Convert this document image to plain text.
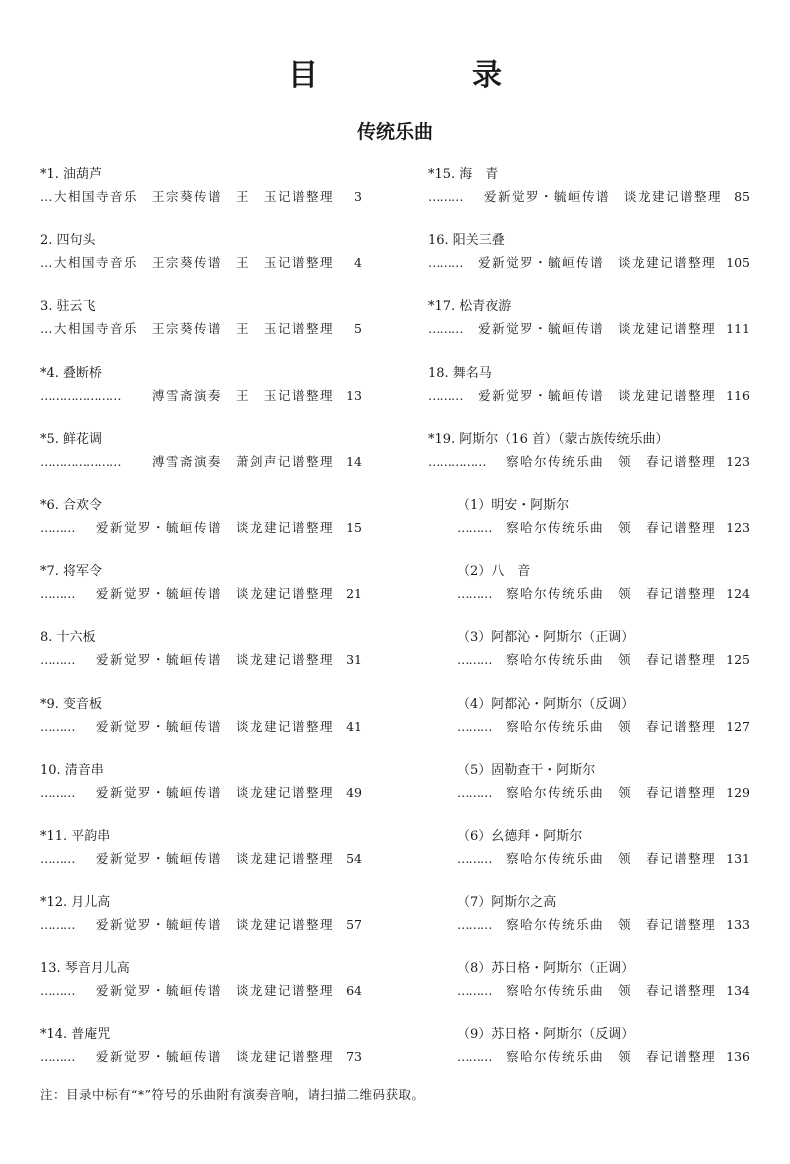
目　录
传统乐曲
*1. 油葫芦
… 大相国寺音乐　王宗葵传谱　王　玉记谱整理	3
2. 四句头
… 大相国寺音乐　王宗葵传谱　王　玉记谱整理	4
3. 驻云飞
… 大相国寺音乐　王宗葵传谱　王　玉记谱整理	5
*4. 叠断桥
…………………	溥雪斋演奏　王　玉记谱整理 13
*5. 鲜花调
…………………	溥雪斋演奏　萧剑声记谱整理 14
*6. 合欢令
………	爱新觉罗・毓峘传谱　谈龙建记谱整理 15
*7. 将军令
………	爱新觉罗・毓峘传谱　谈龙建记谱整理 21
8. 十六板
………	爱新觉罗・毓峘传谱　谈龙建记谱整理 31
*9. 变音板
………	爱新觉罗・毓峘传谱　谈龙建记谱整理 41
10. 清音串
………	爱新觉罗・毓峘传谱　谈龙建记谱整理 49
*11. 平韵串
………	爱新觉罗・毓峘传谱　谈龙建记谱整理 54
*12. 月儿高
………	爱新觉罗・毓峘传谱　谈龙建记谱整理 57
13. 琴音月儿高
………	爱新觉罗・毓峘传谱　谈龙建记谱整理 64
*14. 普庵咒
………	爱新觉罗・毓峘传谱　谈龙建记谱整理 73
*15. 海　青
………	爱新觉罗・毓峘传谱　谈龙建记谱整理 85
16. 阳关三叠
………	爱新觉罗・毓峘传谱　谈龙建记谱整理 105
*17. 松青夜游
………	爱新觉罗・毓峘传谱　谈龙建记谱整理 111
18. 舞名马
………	爱新觉罗・毓峘传谱　谈龙建记谱整理 116
*19. 阿斯尔（16 首）（蒙古族传统乐曲）
……………	察哈尔传统乐曲　领　春记谱整理 123
（1）明安・阿斯尔
………	察哈尔传统乐曲　领　春记谱整理 123
（2）八　音
………	察哈尔传统乐曲　领　春记谱整理 124
（3）阿都沁・阿斯尔（正调）
………	察哈尔传统乐曲　领　春记谱整理 125
（4）阿都沁・阿斯尔（反调）
………	察哈尔传统乐曲　领　春记谱整理 127
（5）固勒查干・阿斯尔
………	察哈尔传统乐曲　领　春记谱整理 129
（6）幺德拜・阿斯尔
………	察哈尔传统乐曲　领　春记谱整理 131
（7）阿斯尔之高
………	察哈尔传统乐曲　领　春记谱整理 133
（8）苏日格・阿斯尔（正调）
………	察哈尔传统乐曲　领　春记谱整理 134
（9）苏日格・阿斯尔（反调）
………	察哈尔传统乐曲　领　春记谱整理 136
注：目录中标有“*”符号的乐曲附有演奏音响，请扫描二维码获取。
